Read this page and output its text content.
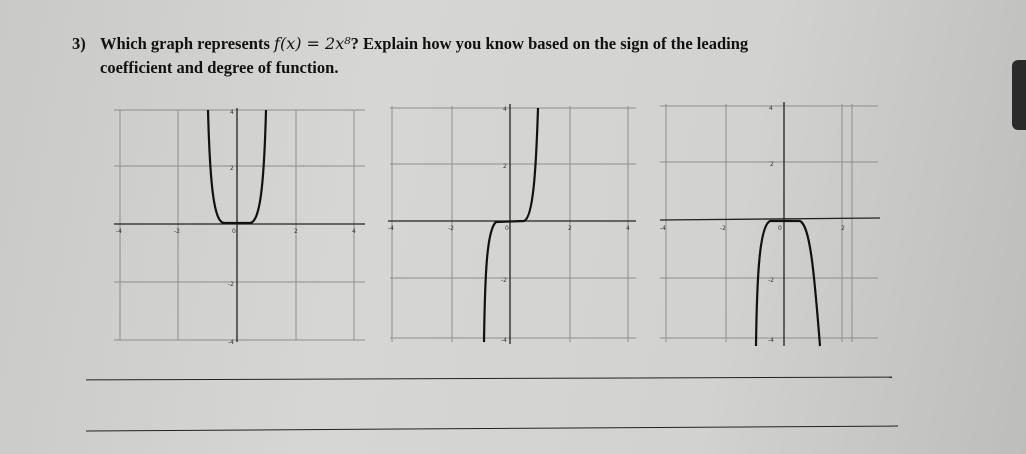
3) Which graph represents f(x) = 2x⁸? Explain how you know based on the sign of the leading
coefficient and degree of function.
-4	-2	0	2	4
4
2
-2
-4
-4	-2	0	2	4
4
2
-2
-4
-4	-2	0	2
4
2
-2
-4
